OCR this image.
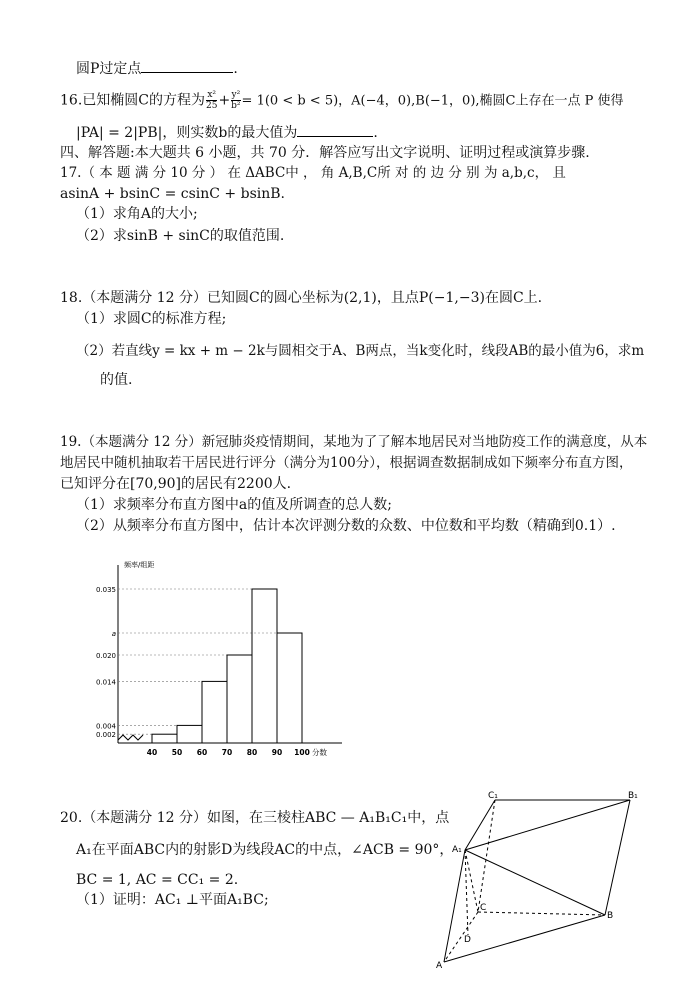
圆P过定点	.
16.已知椭圆C的方程为 $\frac{\text{x²}}{25} + \frac{\text{y²}}{\text{b²}} = 1(0 < b < 5)$，A(−4，0),B(−1，0),椭圆C上存在一点 P 使得
|PA| = 2|PB|，则实数b的最大值为	.
四、解答题:本大题共 6 小题，共 70 分．解答应写出文字说明、证明过程或演算步骤.
17.（ 本 题 满 分 10 分 ） 在 ΔABC中 ， 角 A,B,C所 对 的 边 分 别 为 a,b,c， 且
asinA + bsinC = csinC + bsinB.
（1）求角A的大小;
（2）求sinB + sinC的取值范围.
18.（本题满分 12 分）已知圆C的圆心坐标为(2,1)，且点P(−1,−3)在圆C上.
（1）求圆C的标准方程;
（2）若直线y = kx + m − 2k与圆相交于A、B两点，当k变化时，线段AB的最小值为6，求m
的值.
19.（本题满分 12 分）新冠肺炎疫情期间，某地为了了解本地居民对当地防疫工作的满意度，从本
地居民中随机抽取若干居民进行评分（满分为100分），根据调查数据制成如下频率分布直方图，
已知评分在[70,90]的居民有2200人.
（1）求频率分布直方图中a的值及所调查的总人数;
（2）从频率分布直方图中，估计本次评测分数的众数、中位数和平均数（精确到0.1）.
频率/组距
0.002
0.004
0.014
0.020
a
0.035
40 50 60 70 80 90 100 分数
20.（本题满分 12 分）如图，在三棱柱ABC — A₁B₁C₁中，点
A₁在平面ABC内的射影D为线段AC的中点，∠ACB = 90°，
BC = 1, AC = CC₁ = 2.
（1）证明：AC₁ ⊥平面A₁BC;
C₁	B₁
A₁
C
B
D
A
